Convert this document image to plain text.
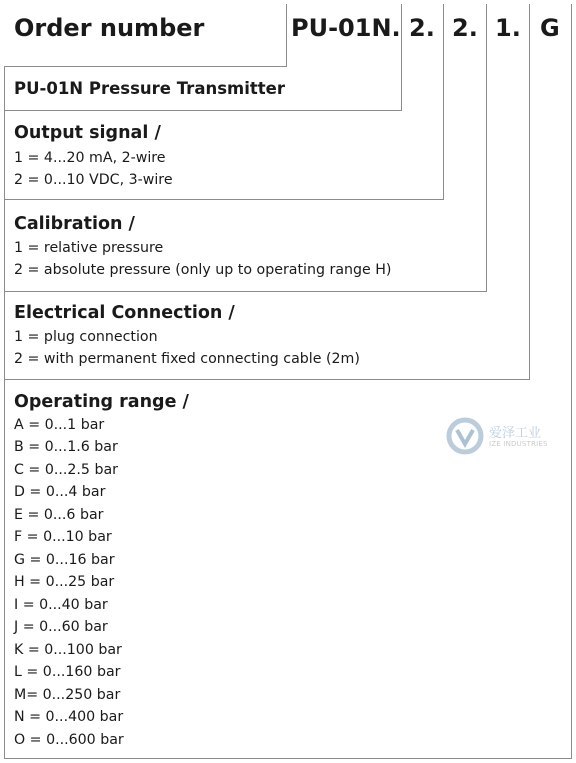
Order number	PU-01N. 2. 2. 1. G
PU-01N Pressure Transmitter
Output signal /
1 = 4...20 mA, 2-wire
2 = 0...10 VDC, 3-wire
Calibration /
1 = relative pressure
2 = absolute pressure (only up to operating range H)
Electrical Connection /
1 = plug connection
2 = with permanent fixed connecting cable (2m)
Operating range /
A = 0...1 bar
B = 0...1.6 bar
C = 0...2.5 bar
D = 0...4 bar
E = 0...6 bar
F = 0...10 bar
G = 0...16 bar
H = 0...25 bar
I = 0...40 bar
J = 0...60 bar
K = 0...100 bar
L = 0...160 bar
M= 0...250 bar
N = 0...400 bar
O = 0...600 bar
爱泽工业
IZE INDUSTRIES
